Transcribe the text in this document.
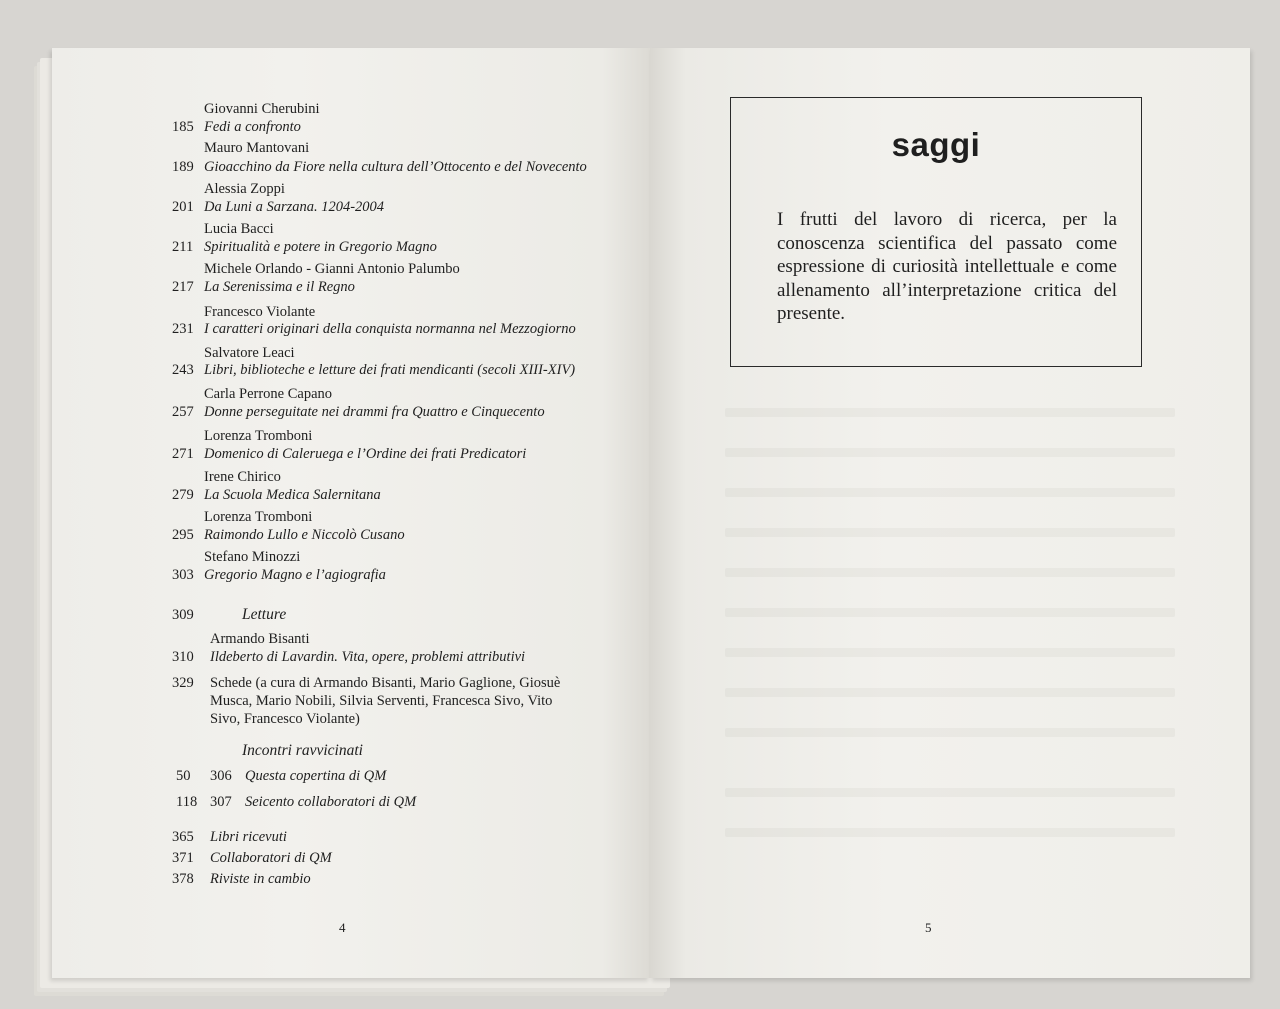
Giovanni Cherubini
185 Fedi a confronto
Mauro Mantovani
189 Gioacchino da Fiore nella cultura dell’Ottocento e del Novecento
Alessia Zoppi
201 Da Luni a Sarzana. 1204-2004
Lucia Bacci
211 Spiritualità e potere in Gregorio Magno
Michele Orlando - Gianni Antonio Palumbo
217 La Serenissima e il Regno
Francesco Violante
231 I caratteri originari della conquista normanna nel Mezzogiorno
Salvatore Leaci
243 Libri, biblioteche e letture dei frati mendicanti (secoli XIII-XIV)
Carla Perrone Capano
257 Donne perseguitate nei drammi fra Quattro e Cinquecento
Lorenza Tromboni
271 Domenico di Caleruega e l’Ordine dei frati Predicatori
Irene Chirico
279 La Scuola Medica Salernitana
Lorenza Tromboni
295 Raimondo Lullo e Niccolò Cusano
Stefano Minozzi
303 Gregorio Magno e l’agiografia
309	Letture
Armando Bisanti
310	Ildeberto di Lavardin. Vita, opere, problemi attributivi
329	Schede (a cura di Armando Bisanti, Mario Gaglione, Giosuè
Musca, Mario Nobili, Silvia Serventi, Francesca Sivo, Vito
Sivo, Francesco Violante)
Incontri ravvicinati
50	306 Questa copertina di QM
118 307 Seicento collaboratori di QM
365	Libri ricevuti
371	Collaboratori di QM
378	Riviste in cambio
4
saggi
I frutti del lavoro di ricerca, per la conoscenza scientifica del passato come espressione di curiosità intellettuale e come allenamento all’interpretazione critica del presente.
5
